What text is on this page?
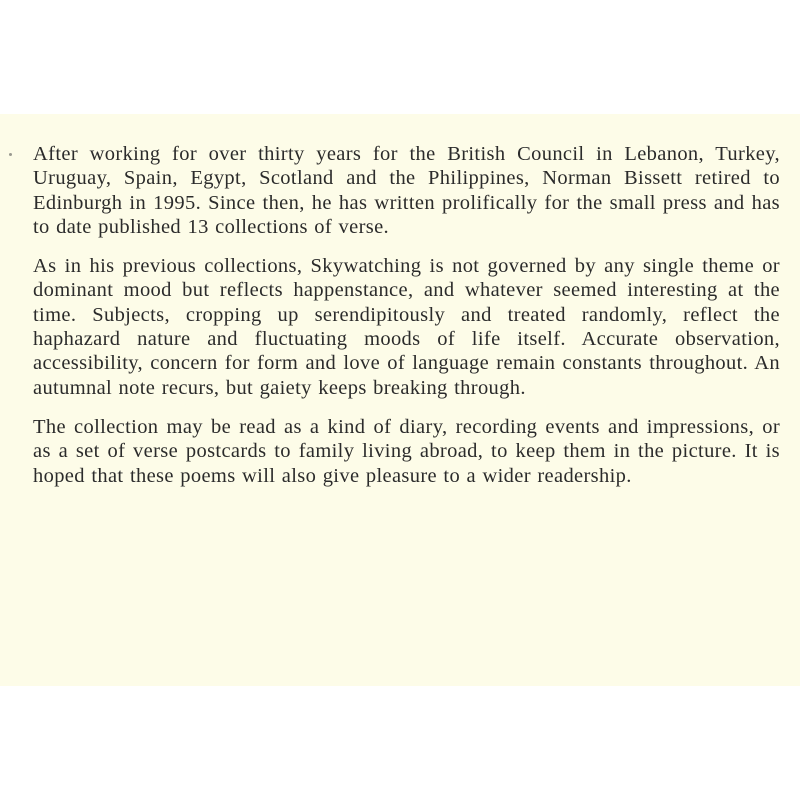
After working for over thirty years for the British Council in Lebanon, Turkey, Uruguay, Spain, Egypt, Scotland and the Philippines, Norman Bissett retired to Edinburgh in 1995. Since then, he has written prolifically for the small press and has to date published 13 collections of verse.

As in his previous collections, Skywatching is not governed by any single theme or dominant mood but reflects happenstance, and whatever seemed interesting at the time. Subjects, cropping up serendipitously and treated randomly, reflect the haphazard nature and fluctuating moods of life itself. Accurate observation, accessibility, concern for form and love of language remain constants throughout. An autumnal note recurs, but gaiety keeps breaking through.

The collection may be read as a kind of diary, recording events and impressions, or as a set of verse postcards to family living abroad, to keep them in the picture. It is hoped that these poems will also give pleasure to a wider readership.
